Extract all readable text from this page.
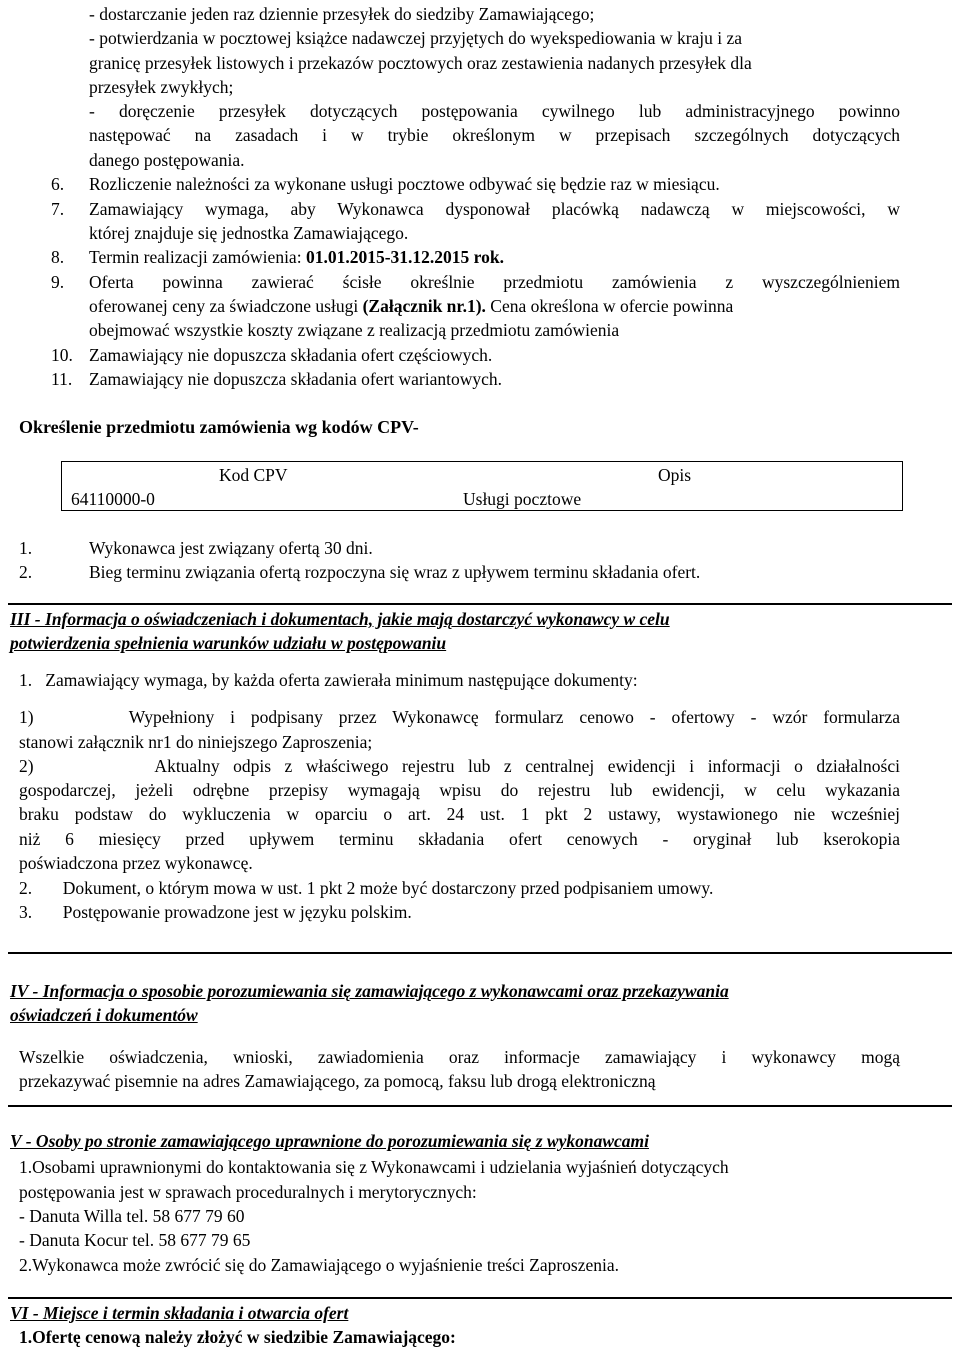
- dostarczanie jeden raz dziennie przesyłek do siedziby Zamawiającego;
- potwierdzania w pocztowej książce nadawczej przyjętych do wyekspediowania w kraju i za
granicę przesyłek listowych i przekazów pocztowych oraz zestawienia nadanych przesyłek dla
przesyłek zwykłych;
- doręczenie przesyłek dotyczących postępowania cywilnego lub administracyjnego powinno
następować na zasadach i w trybie określonym w przepisach szczególnych dotyczących
danego postępowania.
6. Rozliczenie należności za wykonane usługi pocztowe odbywać się będzie raz w miesiącu.
7. Zamawiający wymaga, aby Wykonawca dysponował placówką nadawczą w miejscowości, w
której znajduje się jednostka Zamawiającego.
8. Termin realizacji zamówienia: 01.01.2015-31.12.2015 rok.
9. Oferta powinna zawierać ścisłe określnie przedmiotu zamówienia z wyszczególnieniem
oferowanej ceny za świadczone usługi (Załącznik nr.1). Cena określona w ofercie powinna
obejmować wszystkie koszty związane z realizacją przedmiotu zamówienia
10. Zamawiający nie dopuszcza składania ofert częściowych.
11. Zamawiający nie dopuszcza składania ofert wariantowych.
Określenie przedmiotu zamówienia wg kodów CPV-
Kod CPV	Opis
64110000-0	Usługi pocztowe
1.	Wykonawca jest związany ofertą 30 dni.
2.	Bieg terminu związania ofertą rozpoczyna się wraz z upływem terminu składania ofert.
III - Informacja o oświadczeniach i dokumentach, jakie mają dostarczyć wykonawcy w celu
potwierdzenia spełnienia warunków udziału w postępowaniu
1.   Zamawiający wymaga, by każda oferta zawierała minimum następujące dokumenty:
1)      Wypełniony i podpisany przez Wykonawcę formularz cenowo - ofertowy - wzór formularza
stanowi załącznik nr1 do niniejszego Zaproszenia;
2)         Aktualny odpis z właściwego rejestru lub z centralnej ewidencji i informacji o działalności
gospodarczej, jeżeli odrębne przepisy wymagają wpisu do rejestru lub ewidencji, w celu wykazania
braku podstaw do wykluczenia w oparciu o art. 24 ust. 1 pkt 2 ustawy, wystawionego nie wcześniej
niż 6 miesięcy przed upływem terminu składania ofert cenowych - oryginał lub kserokopia
poświadczona przez wykonawcę.
2.       Dokument, o którym mowa w ust. 1 pkt 2 może być dostarczony przed podpisaniem umowy.
3.       Postępowanie prowadzone jest w języku polskim.
IV - Informacja o sposobie porozumiewania się zamawiającego z wykonawcami oraz przekazywania
oświadczeń i dokumentów
Wszelkie oświadczenia, wnioski, zawiadomienia oraz informacje zamawiający i wykonawcy mogą
przekazywać pisemnie na adres Zamawiającego, za pomocą, faksu lub drogą elektroniczną
V - Osoby po stronie zamawiającego uprawnione do porozumiewania się z wykonawcami
1.Osobami uprawnionymi do kontaktowania się z Wykonawcami i udzielania wyjaśnień dotyczących
postępowania jest w sprawach proceduralnych i merytorycznych:
- Danuta Willa tel. 58 677 79 60
- Danuta Kocur tel. 58 677 79 65
2.Wykonawca może zwrócić się do Zamawiającego o wyjaśnienie treści Zaproszenia.
VI - Miejsce i termin składania i otwarcia ofert
1.Ofertę cenową należy złożyć w siedzibie Zamawiającego:
